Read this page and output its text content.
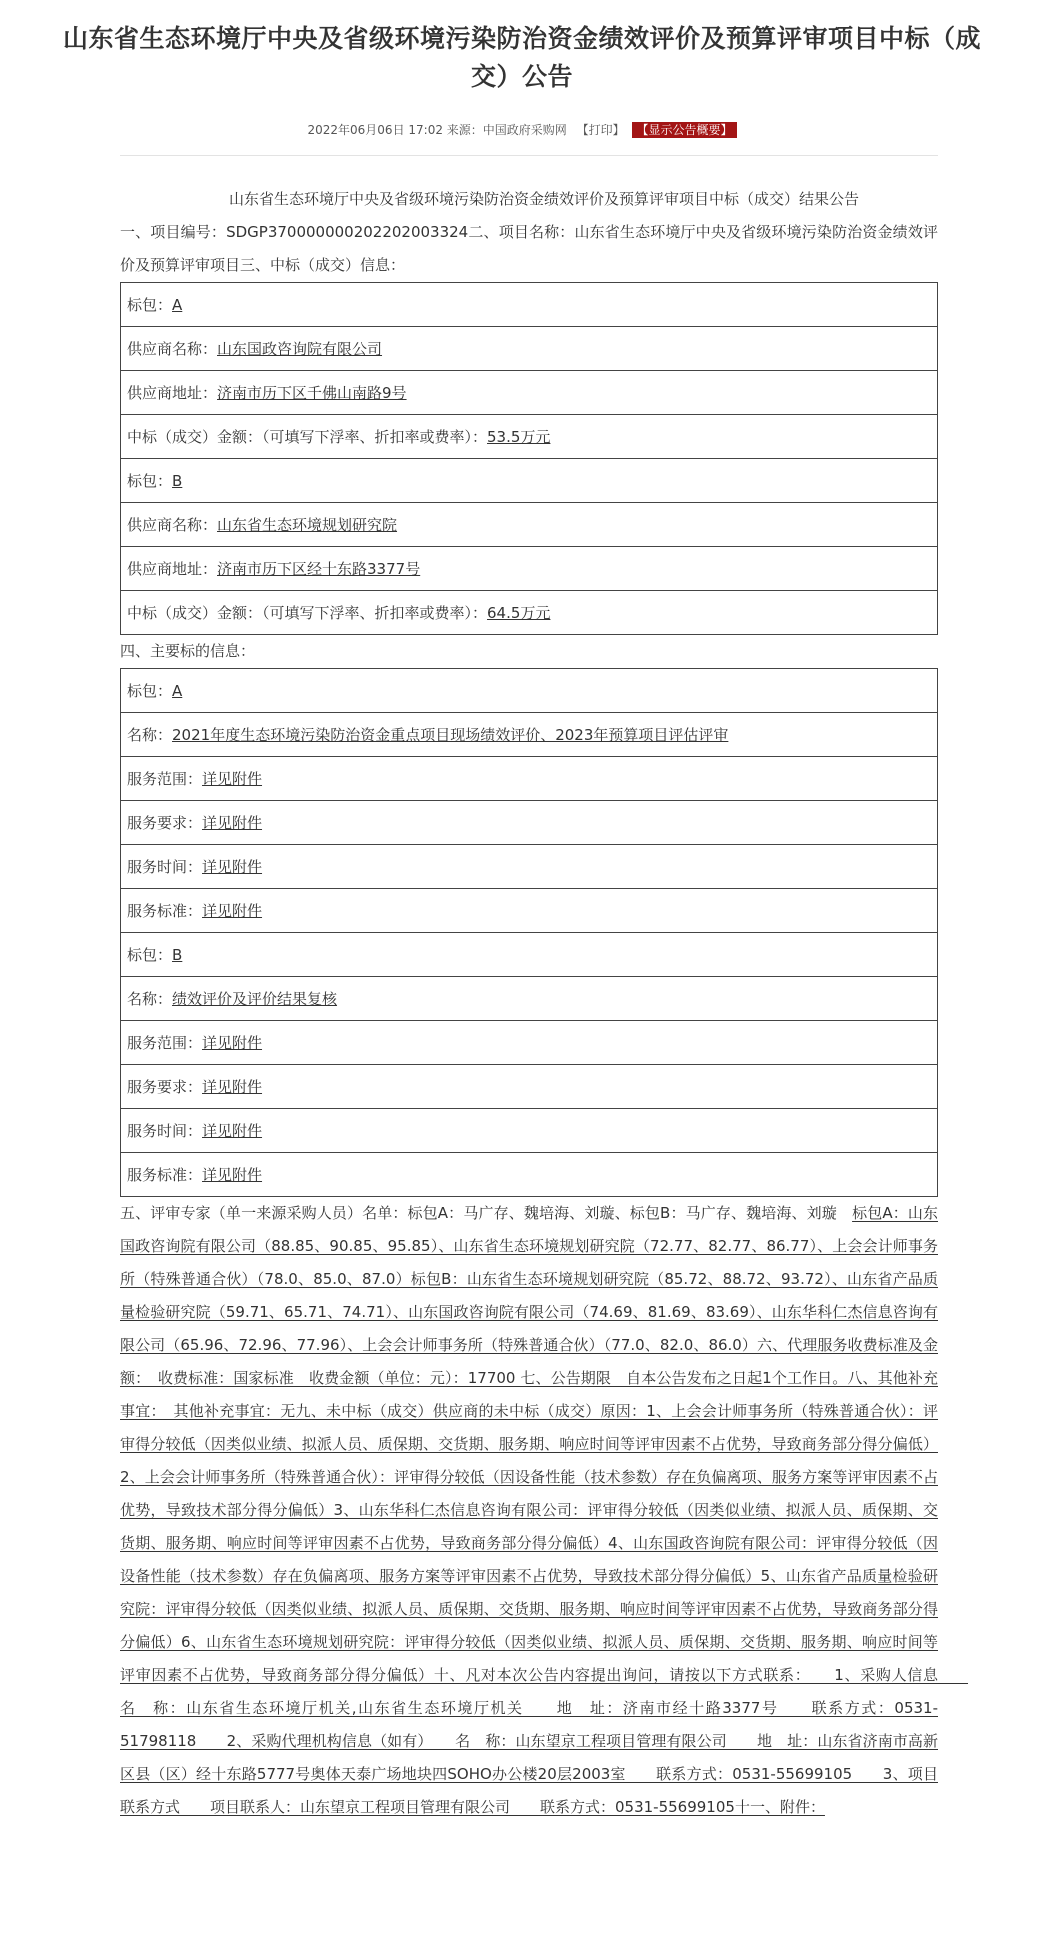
山东省生态环境厅中央及省级环境污染防治资金绩效评价及预算评审项目中标（成
交）公告
2022年06月06日 17:02 来源：中国政府采购网 【打印】 【显示公告概要】
山东省生态环境厅中央及省级环境污染防治资金绩效评价及预算评审项目中标（成交）结果公告
一、项目编号：SDGP370000000202202003324二、项目名称：山东省生态环境厅中央及省级环境污染防治资金绩效评价及预算评审项目三、中标（成交）信息：
标包：A
供应商名称：山东国政咨询院有限公司
供应商地址：济南市历下区千佛山南路9号
中标（成交）金额：（可填写下浮率、折扣率或费率）：53.5万元
标包：B
供应商名称：山东省生态环境规划研究院
供应商地址：济南市历下区经十东路3377号
中标（成交）金额：（可填写下浮率、折扣率或费率）：64.5万元
四、主要标的信息：
标包：A
名称：2021年度生态环境污染防治资金重点项目现场绩效评价、2023年预算项目评估评审
服务范围：详见附件
服务要求：详见附件
服务时间：详见附件
服务标准：详见附件
标包：B
名称：绩效评价及评价结果复核
服务范围：详见附件
服务要求：详见附件
服务时间：详见附件
服务标准：详见附件
五、评审专家（单一来源采购人员）名单：标包A：马广存、魏培海、刘璇、标包B：马广存、魏培海、刘璇　标包A：山东国政咨询院有限公司（88.85、90.85、95.85）、山东省生态环境规划研究院（72.77、82.77、86.77）、上会会计师事务所（特殊普通合伙）（78.0、85.0、87.0）标包B：山东省生态环境规划研究院（85.72、88.72、93.72）、山东省产品质量检验研究院（59.71、65.71、74.71）、山东国政咨询院有限公司（74.69、81.69、83.69）、山东华科仁杰信息咨询有限公司（65.96、72.96、77.96）、上会会计师事务所（特殊普通合伙）（77.0、82.0、86.0）六、代理服务收费标准及金额：　收费标准：国家标准　收费金额（单位：元）：17700 七、公告期限　自本公告发布之日起1个工作日。八、其他补充事宜：　其他补充事宜：无九、未中标（成交）供应商的未中标（成交）原因：1、上会会计师事务所（特殊普通合伙）：评审得分较低（因类似业绩、拟派人员、质保期、交货期、服务期、响应时间等评审因素不占优势，导致商务部分得分偏低）2、上会会计师事务所（特殊普通合伙）：评审得分较低（因设备性能（技术参数）存在负偏离项、服务方案等评审因素不占优势，导致技术部分得分偏低）3、山东华科仁杰信息咨询有限公司：评审得分较低（因类似业绩、拟派人员、质保期、交货期、服务期、响应时间等评审因素不占优势，导致商务部分得分偏低）4、山东国政咨询院有限公司：评审得分较低（因设备性能（技术参数）存在负偏离项、服务方案等评审因素不占优势，导致技术部分得分偏低）5、山东省产品质量检验研究院：评审得分较低（因类似业绩、拟派人员、质保期、交货期、服务期、响应时间等评审因素不占优势，导致商务部分得分偏低）6、山东省生态环境规划研究院：评审得分较低（因类似业绩、拟派人员、质保期、交货期、服务期、响应时间等评审因素不占优势，导致商务部分得分偏低）十、凡对本次公告内容提出询问，请按以下方式联系：　　1、采购人信息　　名　称：山东省生态环境厅机关,山东省生态环境厅机关　　地　址：济南市经十路3377号　　联系方式：0531-51798118　　2、采购代理机构信息（如有）　　名　称：山东望京工程项目管理有限公司　　地　址：山东省济南市高新区县（区）经十东路5777号奥体天泰广场地块四SOHO办公楼20层2003室　　联系方式：0531-55699105　　3、项目联系方式　　项目联系人：山东望京工程项目管理有限公司　　联系方式：0531-55699105十一、附件：
